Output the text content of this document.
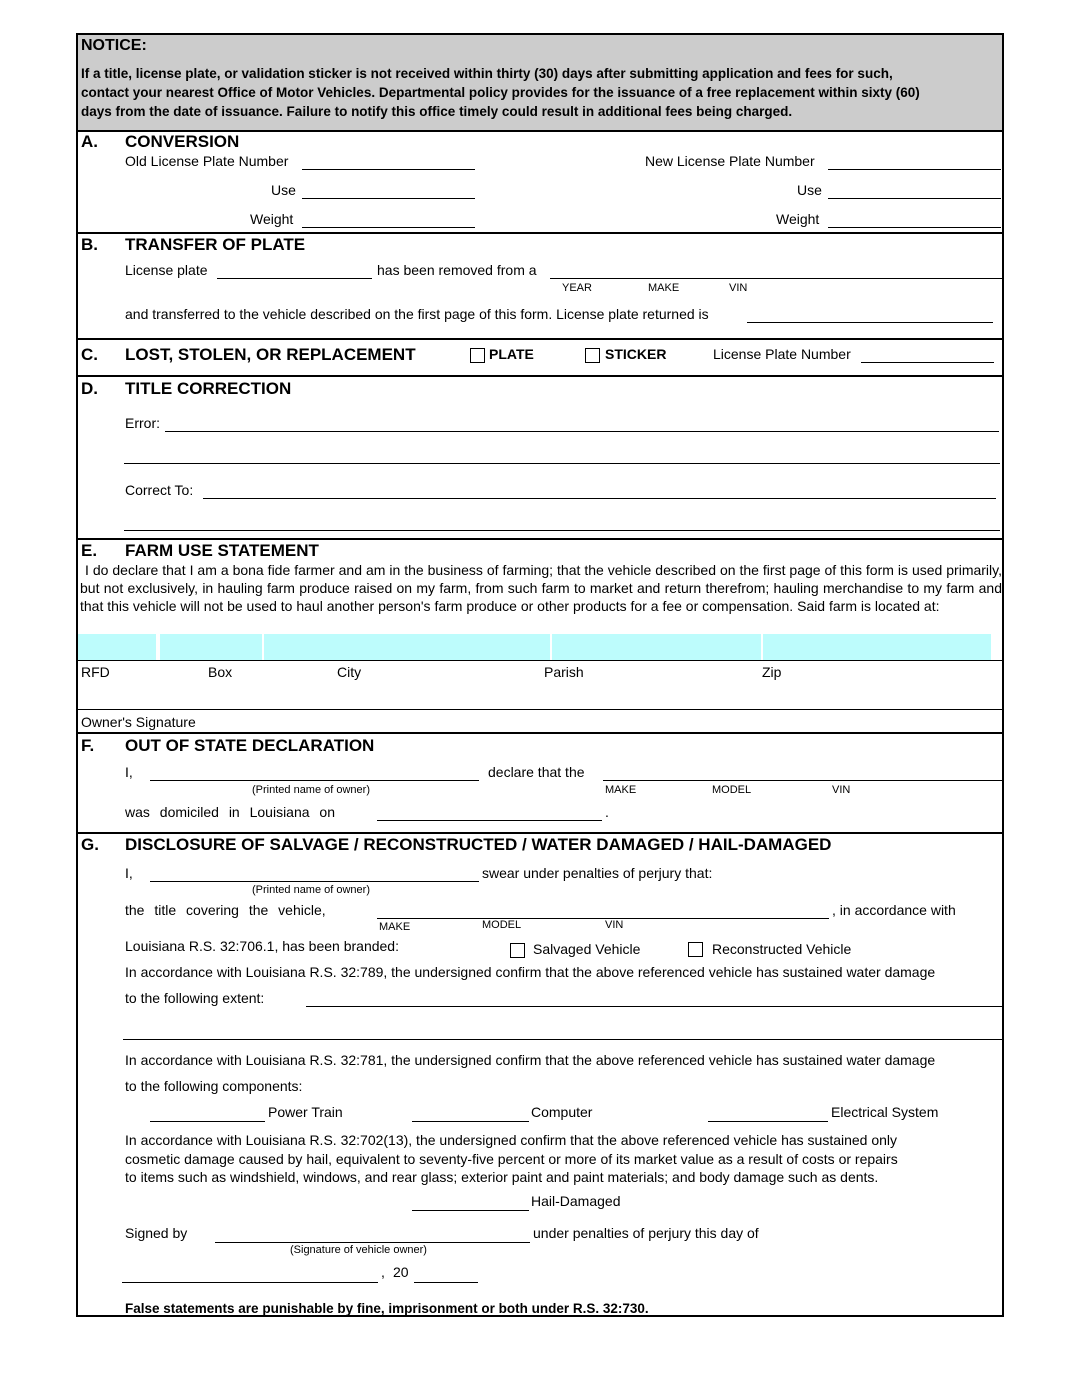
NOTICE:
If a title, license plate, or validation sticker is not received within thirty (30) days after submitting application and fees for such,
contact your nearest Office of Motor Vehicles. Departmental policy provides for the issuance of a free replacement within sixty (60)
days from the date of issuance. Failure to notify this office timely could result in additional fees being charged.
A. CONVERSION
Old License Plate Number	New License Plate Number
Use	Use
Weight	Weight
B. TRANSFER OF PLATE
License plate	has been removed from a
YEAR	MAKE	VIN
and transferred to the vehicle described on the first page of this form. License plate returned is
C. LOST, STOLEN, OR REPLACEMENT	PLATE	STICKER	License Plate Number
D. TITLE CORRECTION
Error:
Correct To:
E. FARM USE STATEMENT
I do declare that I am a bona fide farmer and am in the business of farming; that the vehicle described on the first page of this form is used primarily, but not exclusively, in hauling farm produce raised on my farm, from such farm to market and return therefrom; hauling merchandise to my farm and that this vehicle will not be used to haul another person's farm produce or other products for a fee or compensation. Said farm is located at:
RFD	Box	City	Parish	Zip
Owner's Signature
F. OUT OF STATE DECLARATION
I,
(Printed name of owner)
declare that the
MAKE	MODEL	VIN
was domiciled in Louisiana on	.
G. DISCLOSURE OF SALVAGE / RECONSTRUCTED / WATER DAMAGED / HAIL-DAMAGED
I,
(Printed name of owner)
swear under penalties of perjury that:
the title covering the vehicle,	, in accordance with
MAKE	MODEL	VIN
Louisiana R.S. 32:706.1, has been branded:	Salvaged Vehicle	Reconstructed Vehicle
In accordance with Louisiana R.S. 32:789, the undersigned confirm that the above referenced vehicle has sustained water damage
to the following extent:
In accordance with Louisiana R.S. 32:781, the undersigned confirm that the above referenced vehicle has sustained water damage
to the following components:
Power Train	Computer	Electrical System
In accordance with Louisiana R.S. 32:702(13), the undersigned confirm that the above referenced vehicle has sustained only
cosmetic damage caused by hail, equivalent to seventy-five percent or more of its market value as a result of costs or repairs
to items such as windshield, windows, and rear glass; exterior paint and paint materials; and body damage such as dents.
Hail-Damaged
Signed by	under penalties of perjury this day of
(Signature of vehicle owner)
, 20
False statements are punishable by fine, imprisonment or both under R.S. 32:730.
